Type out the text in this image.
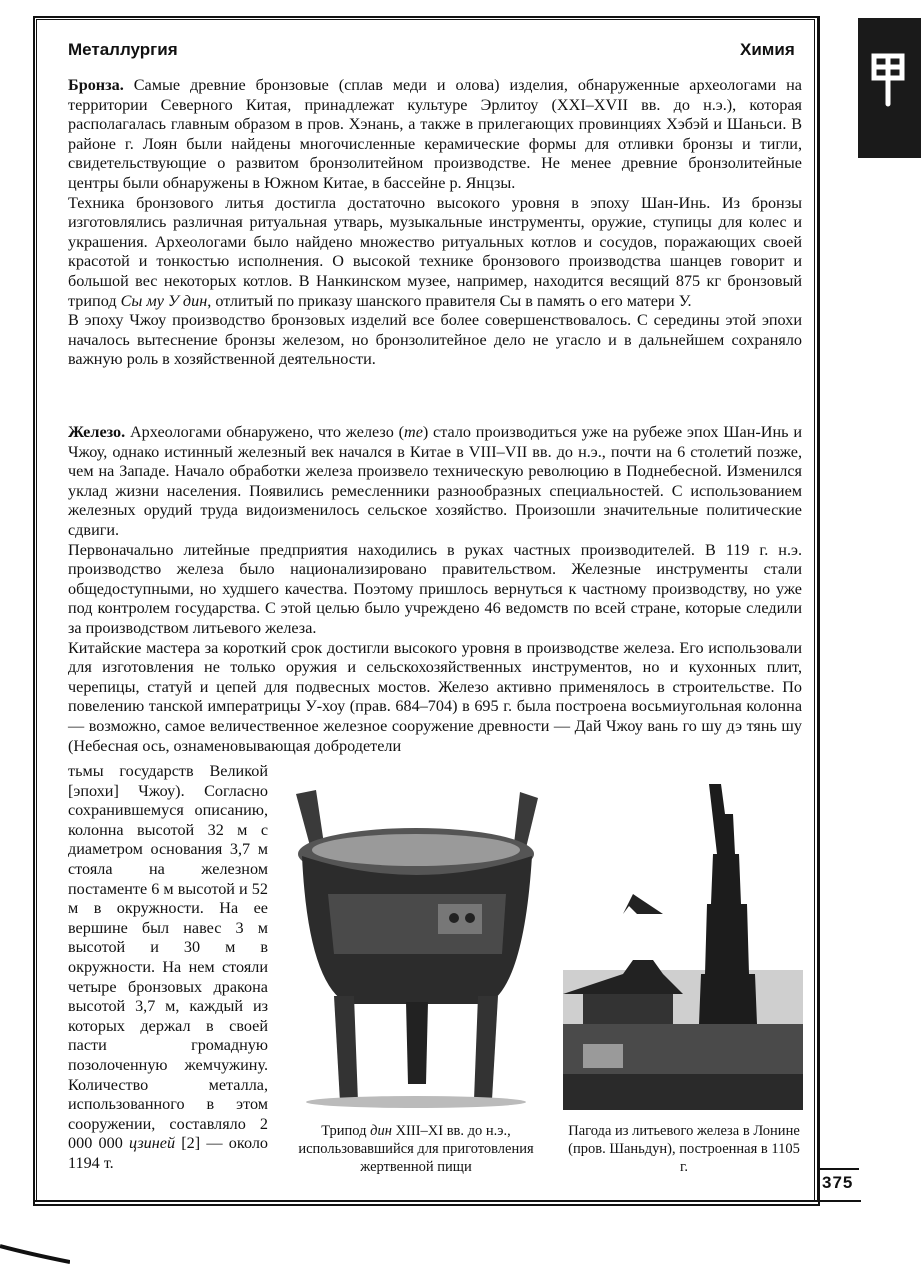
Металлургия	Химия

Бронза. Самые древние бронзовые (сплав меди и олова) изделия, обнаруженные археологами на территории Северного Китая, принадлежат культуре Эрлитоу (XXI–XVII вв. до н.э.), которая располагалась главным образом в пров. Хэнань, а также в прилегающих провинциях Хэбэй и Шаньси. В районе г. Лоян были найдены многочисленные керамические формы для отливки бронзы и тигли, свидетельствующие о развитом бронзолитейном производстве. Не менее древние бронзолитейные центры были обнаружены в Южном Китае, в бассейне р. Янцзы.

Техника бронзового литья достигла достаточно высокого уровня в эпоху Шан-Инь. Из бронзы изготовлялись различная ритуальная утварь, музыкальные инструменты, оружие, ступицы для колес и украшения. Археологами было найдено множество ритуальных котлов и сосудов, поражающих своей красотой и тонкостью исполнения. О высокой технике бронзового производства шанцев говорит и большой вес некоторых котлов. В Нанкинском музее, например, находится весящий 875 кг бронзовый трипод Сы му У дин, отлитый по приказу шанского правителя Сы в память о его матери У.

В эпоху Чжоу производство бронзовых изделий все более совершенствовалось. С середины этой эпохи началось вытеснение бронзы железом, но бронзолитейное дело не угасло и в дальнейшем сохраняло важную роль в хозяйственной деятельности.

Железо. Археологами обнаружено, что железо (те) стало производиться уже на рубеже эпох Шан-Инь и Чжоу, однако истинный железный век начался в Китае в VIII–VII вв. до н.э., почти на 6 столетий позже, чем на Западе. Начало обработки железа произвело техническую революцию в Поднебесной. Изменился уклад жизни населения. Появились ремесленники разнообразных специальностей. С использованием железных орудий труда видоизменилось сельское хозяйство. Произошли значительные политические сдвиги.

Первоначально литейные предприятия находились в руках частных производителей. В 119 г. н.э. производство железа было национализировано правительством. Железные инструменты стали общедоступными, но худшего качества. Поэтому пришлось вернуться к частному производству, но уже под контролем государства. С этой целью было учреждено 46 ведомств по всей стране, которые следили за производством литьевого железа.

Китайские мастера за короткий срок достигли высокого уровня в производстве железа. Его использовали для изготовления не только оружия и сельскохозяйственных инструментов, но и кухонных плит, черепицы, статуй и цепей для подвесных мостов. Железо активно применялось в строительстве. По повелению танской императрицы У-хоу (прав. 684–704) в 695 г. была построена восьмиугольная колонна — возможно, самое величественное железное сооружение древности — Дай Чжоу вань го шу дэ тянь шу (Небесная ось, ознаменовывающая добродетели

тьмы государств Великой [эпохи] Чжоу). Согласно сохранившемуся описанию, колонна высотой 32 м с диаметром основания 3,7 м стояла на железном постаменте 6 м высотой и 52 м в окружности. На ее вершине был навес 3 м высотой и 30 м в окружности. На нем стояли четыре бронзовых дракона высотой 3,7 м, каждый из которых держал в своей пасти громадную позолоченную жемчужину. Количество металла, использованного в этом сооружении, составляло 2 000 000 цзиней [2] — около 1194 т.
Трипод дин XIII–XI вв. до н.э., использовавшийся для приготовления жертвенной пищи
Пагода из литьевого железа в Лонине (пров. Шаньдун), построенная в 1105 г.
375
